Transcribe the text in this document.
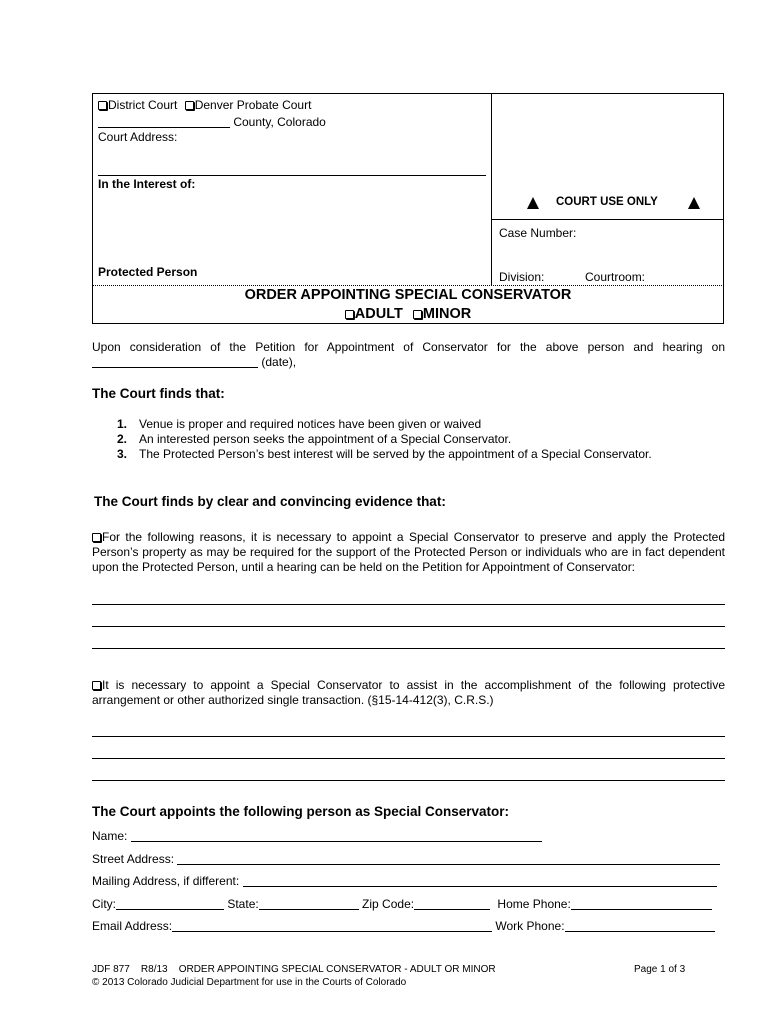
District Court Denver Probate Court
County, Colorado
Court Address:
In the Interest of:
Protected Person
COURT USE ONLY
Case Number:
Division:	Courtroom:
ORDER APPOINTING SPECIAL CONSERVATOR
ADULT MINOR
Upon consideration of the Petition for Appointment of Conservator for the above person and hearing on
(date),
The Court finds that:
1. Venue is proper and required notices have been given or waived
2. An interested person seeks the appointment of a Special Conservator.
3. The Protected Person’s best interest will be served by the appointment of a Special Conservator.
The Court finds by clear and convincing evidence that:
For the following reasons, it is necessary to appoint a Special Conservator to preserve and apply the Protected Person’s property as may be required for the support of the Protected Person or individuals who are in fact dependent upon the Protected Person, until a hearing can be held on the Petition for Appointment of Conservator:
It is necessary to appoint a Special Conservator to assist in the accomplishment of the following protective arrangement or other authorized single transaction. (§15-14-412(3), C.R.S.)
The Court appoints the following person as Special Conservator:
Name:
Street Address:
Mailing Address, if different:
City:	State:	Zip Code:	Home Phone:
Email Address:	Work Phone:
JDF 877    R8/13    ORDER APPOINTING SPECIAL CONSERVATOR - ADULT OR MINOR
© 2013 Colorado Judicial Department for use in the Courts of Colorado
Page 1 of 3
